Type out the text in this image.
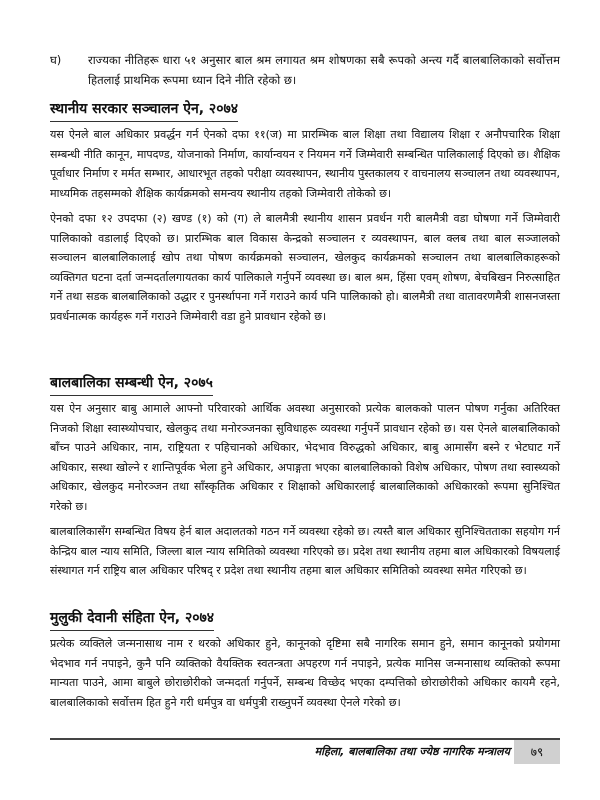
घ)	राज्यका नीतिहरू धारा ५१ अनुसार बाल श्रम लगायत श्रम शोषणका सबै रूपको अन्त्य गर्दै बालबालिकाको सर्वोत्तम हितलाई प्राथमिक रूपमा ध्यान दिने नीति रहेको छ।
स्थानीय सरकार सञ्चालन ऐन, २०७४

यस ऐनले बाल अधिकार प्रवर्द्धन गर्न ऐनको दफा ११(ज) मा प्रारम्भिक बाल शिक्षा तथा विद्यालय शिक्षा र अनौपचारिक शिक्षा सम्बन्धी नीति कानून, मापदण्ड, योजनाको निर्माण, कार्यान्वयन र नियमन गर्ने जिम्मेवारी सम्बन्धित पालिकालाई दिएको छ। शैक्षिक पूर्वाधार निर्माण र मर्मत सम्भार, आधारभूत तहको परीक्षा व्यवस्थापन, स्थानीय पुस्तकालय र वाचनालय सञ्चालन तथा व्यवस्थापन, माध्यमिक तहसम्मको शैक्षिक कार्यक्रमको समन्वय स्थानीय तहको जिम्मेवारी तोकेको छ।

ऐनको दफा १२ उपदफा (२) खण्ड (१) को (ग) ले बालमैत्री स्थानीय शासन प्रवर्धन गरी बालमैत्री वडा घोषणा गर्ने जिम्मेवारी पालिकाको वडालाई दिएको छ। प्रारम्भिक बाल विकास केन्द्रको सञ्चालन र व्यवस्थापन, बाल क्लब तथा बाल सञ्जालको सञ्चालन बालबालिकालाई खोप तथा पोषण कार्यक्रमको सञ्चालन, खेलकुद कार्यक्रमको सञ्चालन तथा बालबालिकाहरूको व्यक्तिगत घटना दर्ता जन्मदर्तालगायतका कार्य पालिकाले गर्नुपर्ने व्यवस्था छ। बाल श्रम, हिंसा एवम् शोषण, बेचबिखन निरुत्साहित गर्ने तथा सडक बालबालिकाको उद्धार र पुनर्स्थापना गर्ने गराउने कार्य पनि पालिकाको हो। बालमैत्री तथा वातावरणमैत्री शासनजस्ता प्रवर्धनात्मक कार्यहरू गर्ने गराउने जिम्मेवारी वडा हुने प्रावधान रहेको छ।

बालबालिका सम्बन्धी ऐन, २०७५

यस ऐन अनुसार बाबु आमाले आफ्नो परिवारको आर्थिक अवस्था अनुसारको प्रत्येक बालकको पालन पोषण गर्नुका अतिरिक्त निजको शिक्षा स्वास्थ्योपचार, खेलकुद तथा मनोरञ्जनका सुविधाहरू व्यवस्था गर्नुपर्ने प्रावधान रहेको छ। यस ऐनले बालबालिकाको बाँच्न पाउने अधिकार, नाम, राष्ट्रियता र पहिचानको अधिकार, भेदभाव विरुद्धको अधिकार, बाबु आमासँग बस्ने र भेटघाट गर्ने अधिकार, सस्था खोल्ने र शान्तिपूर्वक भेला हुने अधिकार, अपाङ्गता भएका बालबालिकाको विशेष अधिकार, पोषण तथा स्वास्थ्यको अधिकार, खेलकुद मनोरञ्जन तथा साँस्कृतिक अधिकार र शिक्षाको अधिकारलाई बालबालिकाको अधिकारको रूपमा सुनिश्चित गरेको छ।

बालबालिकासँग सम्बन्धित विषय हेर्न बाल अदालतको गठन गर्ने व्यवस्था रहेको छ। त्यस्तै बाल अधिकार सुनिश्चितताका सहयोग गर्न केन्द्रिय बाल न्याय समिति, जिल्ला बाल न्याय समितिको व्यवस्था गरिएको छ। प्रदेश तथा स्थानीय तहमा बाल अधिकारको विषयलाई संस्थागत गर्न राष्ट्रिय बाल अधिकार परिषद् र प्रदेश तथा स्थानीय तहमा बाल अधिकार समितिको व्यवस्था समेत गरिएको छ।

मुलुकी देवानी संहिता ऐन, २०७४

प्रत्येक व्यक्तिले जन्मनासाथ नाम र थरको अधिकार हुने, कानूनको दृष्टिमा सबै नागरिक समान हुने, समान कानूनको प्रयोगमा भेदभाव गर्न नपाइने, कुनै पनि व्यक्तिको वैयक्तिक स्वतन्त्रता अपहरण गर्न नपाइने, प्रत्येक मानिस जन्मनासाथ व्यक्तिको रूपमा मान्यता पाउने, आमा बाबुले छोराछोरीको जन्मदर्ता गर्नुपर्ने, सम्बन्ध विच्छेद भएका दम्पत्तिको छोराछोरीको अधिकार कायमै रहने, बालबालिकाको सर्वोत्तम हित हुने गरी धर्मपुत्र वा धर्मपुत्री राख्नुपर्ने व्यवस्था ऐनले गरेको छ।

महिला, बालबालिका तथा ज्येष्ठ नागरिक मन्त्रालय	७९
